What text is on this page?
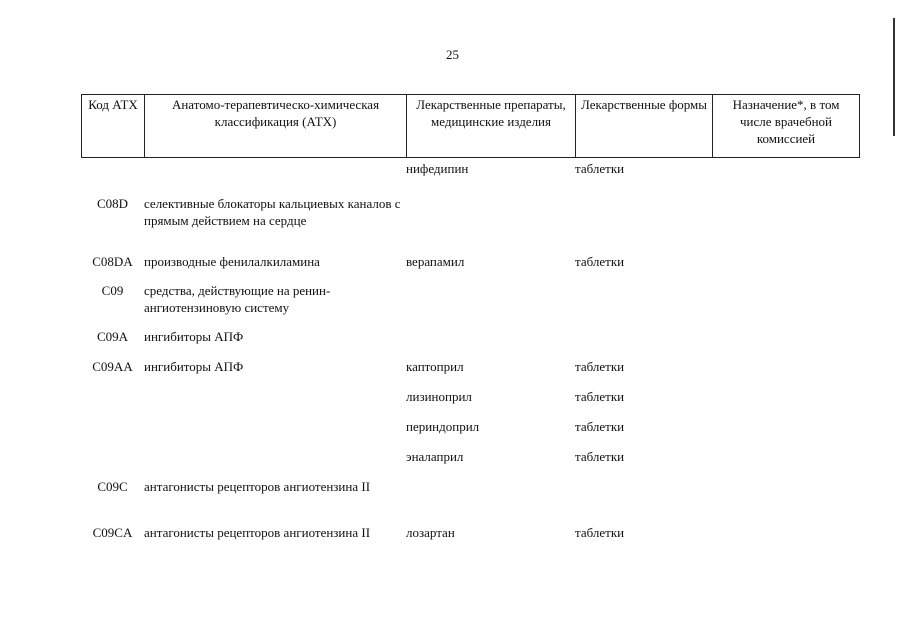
25
Код АТХ	Анатомо-терапевтическо-химическая классификация (АТХ)	Лекарственные препараты, медицинские изделия	Лекарственные формы	Назначение*, в том числе врачебной комиссией
		нифедипин	таблетки	
C08D	селективные блокаторы кальциевых каналов с прямым действием на сердце			
C08DA	производные фенилалкиламина	верапамил	таблетки	
C09	средства, действующие на ренин-ангиотензиновую систему			
C09A	ингибиторы АПФ			
C09AA	ингибиторы АПФ	каптоприл	таблетки	
		лизиноприл	таблетки	
		периндоприл	таблетки	
		эналаприл	таблетки	
C09C	антагонисты рецепторов ангиотензина II			
C09CA	антагонисты рецепторов ангиотензина II	лозартан	таблетки	
